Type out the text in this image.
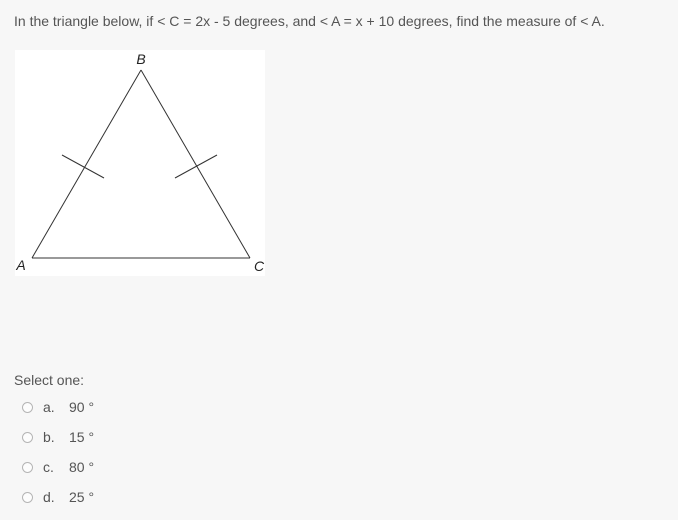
In the triangle below, if < C = 2x - 5 degrees, and < A = x + 10 degrees, find the measure of < A.
B
A	C
Select one:
a.	90 °
b.	15 °
c.	80 °
d.	25 °
